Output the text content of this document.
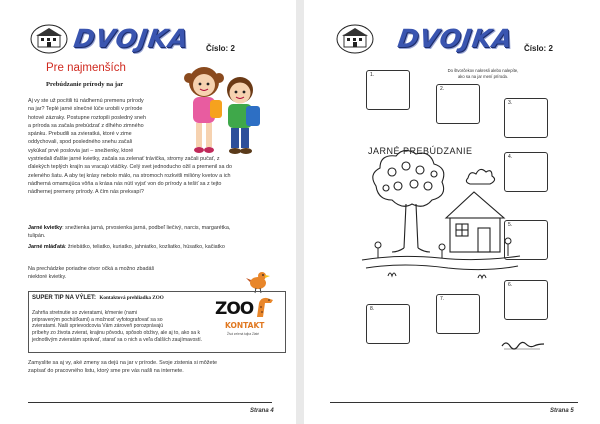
DVOJKA Číslo: 2
Pre najmenších
Prebúdzanie prírody na jar
Aj vy ste už pocítili tú nádhernú premenu prírody
na jar? Teplé jarné slnečné lúče urobili v prírode
hotové zázraky. Postupne roztopili posledný sneh
a príroda sa začala prebúdzať z dlhého zimného
spánku. Prebudili sa zvieratká, ktoré v zime
oddychovali, spod posledného snehu začali
vykúkať prvé poslovia jari – snežienky, ktoré
vystriedali ďalšie jarné kvietky, začala sa zelenať trávička, stromy začali pučať, z
ďalekých teplých krajín sa vracajú vtáčiky. Celý svet jednoducho ožil a premenil sa do
zeleného šatu. A aby tej krásy nebolo málo, na stromoch rozkvitli milióny kvetov a ich
nádherná omamujúca vôňa a krása nás nútí vyjsť von do prírody a tešiť sa z tejto
nádhernej premeny prírody. A čím nás prekvapí?
Jarné kvietky: snežienka jarná, prvosienka jarná, podbeľ liečivý, narcis, margarétka,
tulipán.
Jarné mláďatá: žriebätko, teliatko, kuriatko, jahniatko, kozliatko, húsatko, kačiatko
Na prechádzke poriadne otvor očká a možno zbadáš
niektoré kvietky.
SUPER TIP NA VÝLET: Kontaktová prehliadka ZOO
Zahrňa stretnutie so zvieratami, kŕmenie (nami
pripraveným pochúťkami) a možnosť vyfotografovať sa so
zvieratami. Naši sprievodcovia Vám zároveň porozprávajú
príbehy zo života zvierat, krajinu pôvodu, spôsob obživy, ale aj to, ako sa k
jednotlivým zvieratám správať, starať sa o nich a veľa ďalších zaujímavostí.
ZOO
KONTAKT
Živá zelená tajba Zlaté
Zamyslite sa aj vy, aké zmeny sa dejú na jar v prírode. Svoje zistenia si môžete
zapísať do pracovného listu, ktorý sme pre vás našli na internete.
Strana 4
DVOJKA Číslo: 2
Do štvorčekov nakresli alebo nalepíte,
ako sa na jar mení príroda.
1.
2.
3.
4.
5.
6.
7.
8.
JARNÉ PREBÚDZANIE
Strana 5
